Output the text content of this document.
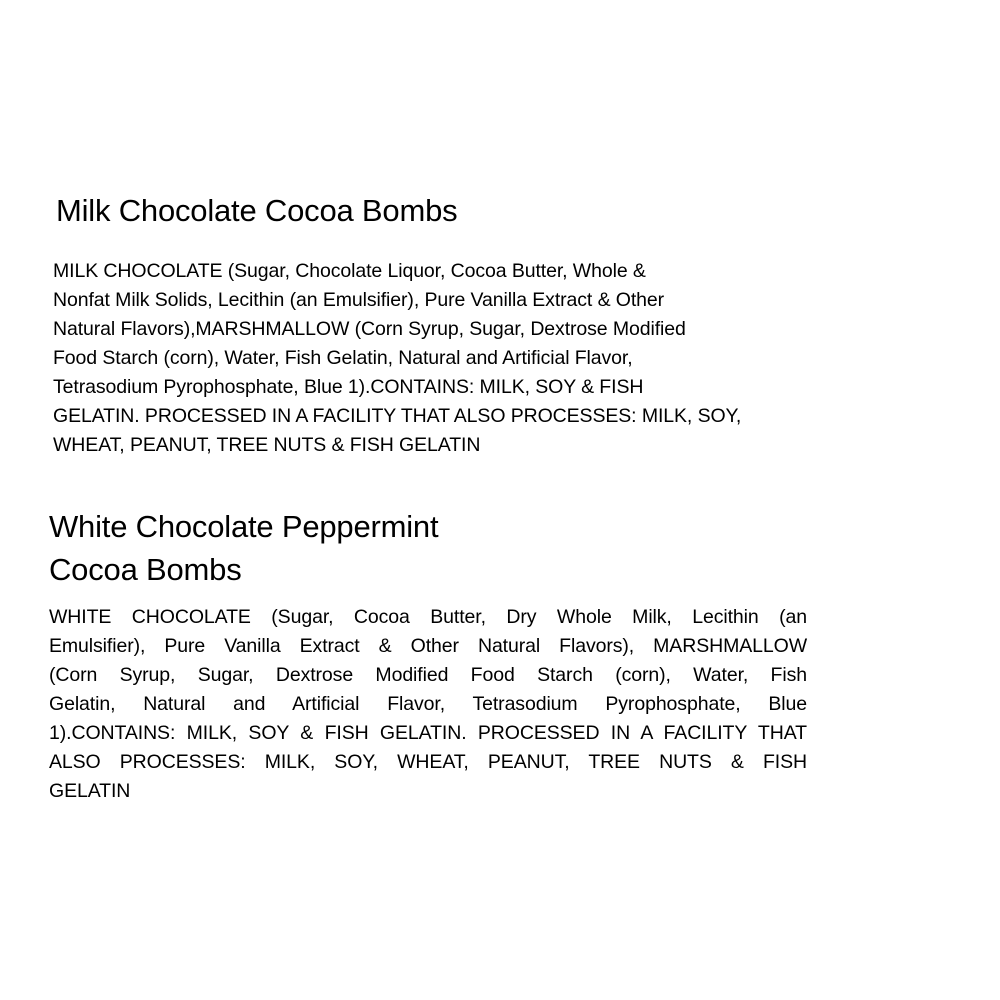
Milk Chocolate Cocoa Bombs
MILK CHOCOLATE (Sugar, Chocolate Liquor, Cocoa Butter, Whole &
Nonfat Milk Solids, Lecithin (an Emulsifier), Pure Vanilla Extract & Other
Natural Flavors),MARSHMALLOW (Corn Syrup, Sugar, Dextrose Modified
Food Starch (corn), Water, Fish Gelatin, Natural and Artificial Flavor,
Tetrasodium Pyrophosphate, Blue 1).CONTAINS: MILK, SOY & FISH
GELATIN. PROCESSED IN A FACILITY THAT ALSO PROCESSES: MILK, SOY,
WHEAT, PEANUT, TREE NUTS & FISH GELATIN
White Chocolate Peppermint
Cocoa Bombs
WHITE CHOCOLATE (Sugar, Cocoa Butter, Dry Whole Milk, Lecithin (an
Emulsifier), Pure Vanilla Extract & Other Natural Flavors), MARSHMALLOW
(Corn Syrup, Sugar, Dextrose Modified Food Starch (corn), Water, Fish
Gelatin, Natural and Artificial Flavor, Tetrasodium Pyrophosphate, Blue
1).CONTAINS: MILK, SOY & FISH GELATIN. PROCESSED IN A FACILITY THAT
ALSO PROCESSES: MILK, SOY, WHEAT, PEANUT, TREE NUTS & FISH
GELATIN
